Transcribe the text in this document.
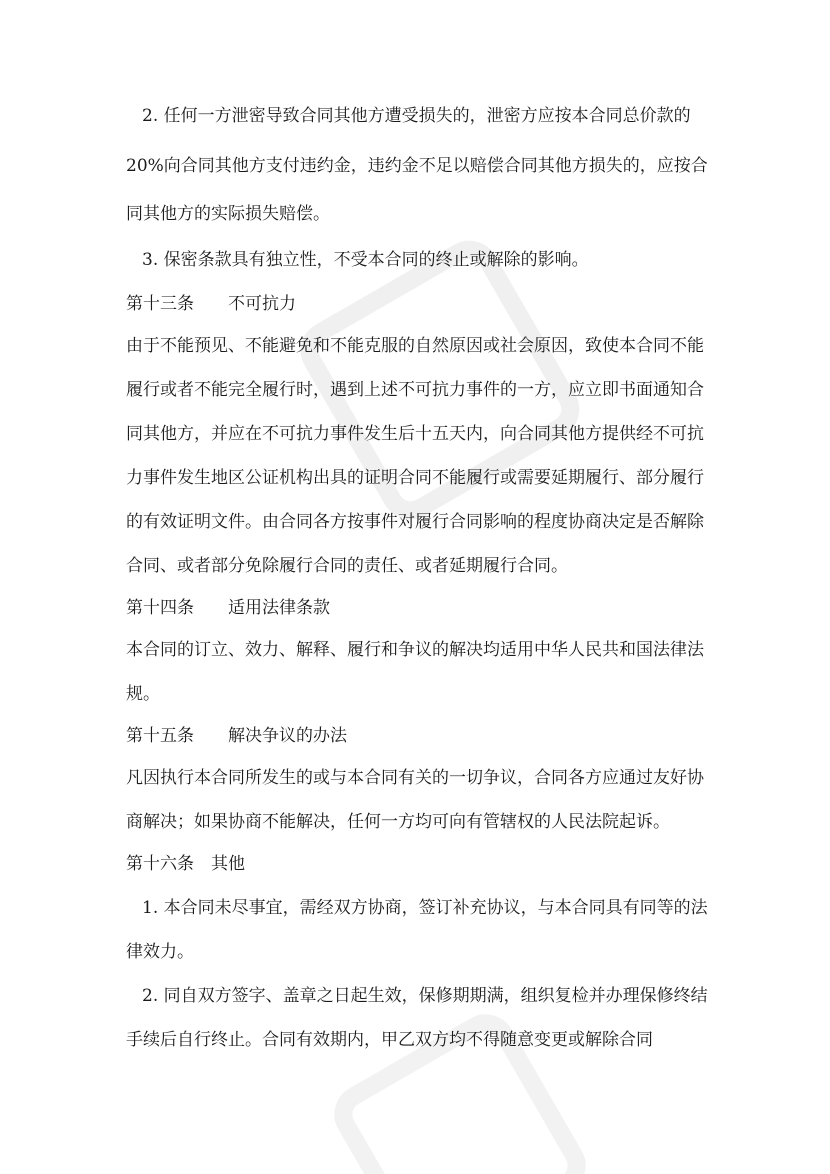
2. 任何一方泄密导致合同其他方遭受损失的，泄密方应按本合同总价款的
20%向合同其他方支付违约金，违约金不足以赔偿合同其他方损失的，应按合
同其他方的实际损失赔偿。
3. 保密条款具有独立性，不受本合同的终止或解除的影响。
第十三条　　不可抗力
由于不能预见、不能避免和不能克服的自然原因或社会原因，致使本合同不能
履行或者不能完全履行时，遇到上述不可抗力事件的一方，应立即书面通知合
同其他方，并应在不可抗力事件发生后十五天内，向合同其他方提供经不可抗
力事件发生地区公证机构出具的证明合同不能履行或需要延期履行、部分履行
的有效证明文件。由合同各方按事件对履行合同影响的程度协商决定是否解除
合同、或者部分免除履行合同的责任、或者延期履行合同。
第十四条　　适用法律条款
本合同的订立、效力、解释、履行和争议的解决均适用中华人民共和国法律法
规。
第十五条　　解决争议的办法
凡因执行本合同所发生的或与本合同有关的一切争议，合同各方应通过友好协
商解决；如果协商不能解决，任何一方均可向有管辖权的人民法院起诉。
第十六条　其他
1. 本合同未尽事宜，需经双方协商，签订补充协议，与本合同具有同等的法
律效力。
2. 同自双方签字、盖章之日起生效，保修期期满，组织复检并办理保修终结
手续后自行终止。合同有效期内，甲乙双方均不得随意变更或解除合同
